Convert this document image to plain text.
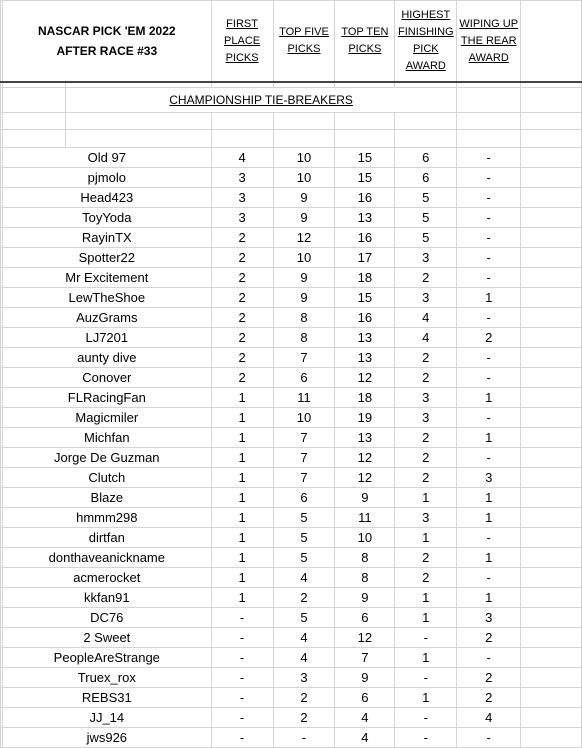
	NASCAR PICK 'EM 2022
AFTER RACE #33		FIRST PLACE PICKS	TOP FIVE PICKS	TOP TEN PICKS	HIGHEST FINISHING PICK AWARD	WIPING UP THE REAR AWARD	

		CHAMPIONSHIP TIE-BREAKERS						

	Old 97		4	10	15	6	-	
	pjmolo		3	10	15	6	-	
	Head423		3	9	16	5	-	
	ToyYoda		3	9	13	5	-	
	RayinTX		2	12	16	5	-	
	Spotter22		2	10	17	3	-	
	Mr Excitement		2	9	18	2	-	
	LewTheShoe		2	9	15	3	1	
	AuzGrams		2	8	16	4	-	
	LJ7201		2	8	13	4	2	
	aunty dive		2	7	13	2	-	
	Conover		2	6	12	2	-	
	FLRacingFan		1	11	18	3	1	
	Magicmiler		1	10	19	3	-	
	Michfan		1	7	13	2	1	
	Jorge De Guzman		1	7	12	2	-	
	Clutch		1	7	12	2	3	
	Blaze		1	6	9	1	1	
	hmmm298		1	5	11	3	1	
	dirtfan		1	5	10	1	-	
	donthaveanickname		1	5	8	2	1	
	acmerocket		1	4	8	2	-	
	kkfan91		1	2	9	1	1	
	DC76		-	5	6	1	3	
	2 Sweet		-	4	12	-	2	
	PeopleAreStrange		-	4	7	1	-	
	Truex_rox		-	3	9	-	2	
	REBS31		-	2	6	1	2	
	JJ_14		-	2	4	-	4	
	jws926		-	-	4	-	-	
